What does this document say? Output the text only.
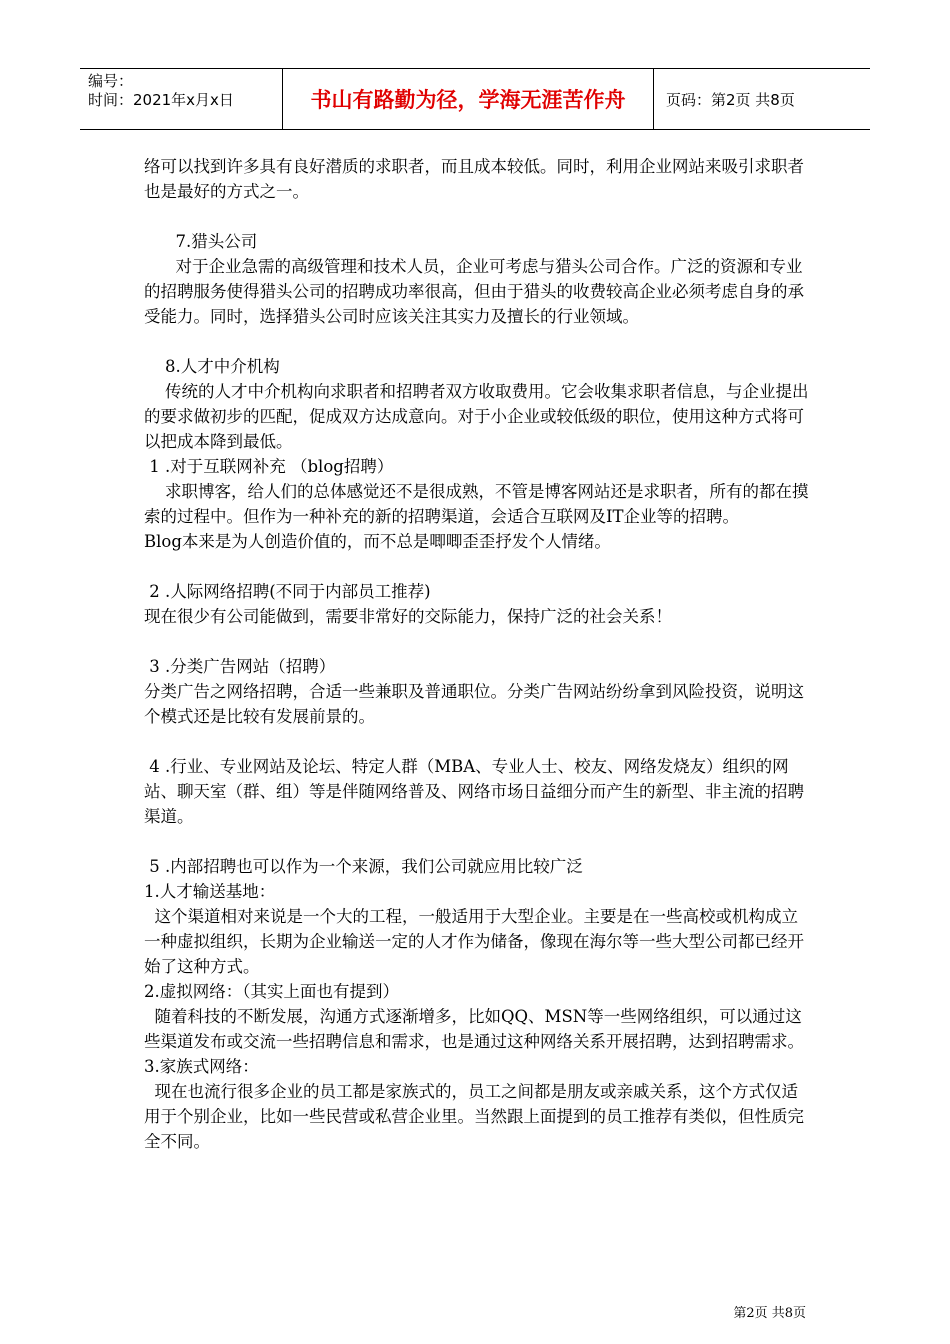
编号：
时间：2021年x月x日	书山有路勤为径，学海无涯苦作舟	页码：第2页 共8页

络可以找到许多具有良好潜质的求职者，而且成本较低。同时，利用企业网站来吸引求职者也是最好的方式之一。

7.猎头公司

对于企业急需的高级管理和技术人员，企业可考虑与猎头公司合作。广泛的资源和专业的招聘服务使得猎头公司的招聘成功率很高，但由于猎头的收费较高企业必须考虑自身的承受能力。同时，选择猎头公司时应该关注其实力及擅长的行业领域。

8.人才中介机构

传统的人才中介机构向求职者和招聘者双方收取费用。它会收集求职者信息，与企业提出的要求做初步的匹配，促成双方达成意向。对于小企业或较低级的职位，使用这种方式将可以把成本降到最低。

1 .对于互联网补充 （blog招聘）

求职博客，给人们的总体感觉还不是很成熟，不管是博客网站还是求职者，所有的都在摸索的过程中。但作为一种补充的新的招聘渠道，会适合互联网及IT企业等的招聘。

Blog本来是为人创造价值的，而不总是唧唧歪歪抒发个人情绪。

2 .人际网络招聘(不同于内部员工推荐)

现在很少有公司能做到，需要非常好的交际能力，保持广泛的社会关系！

3 .分类广告网站（招聘）

分类广告之网络招聘，合适一些兼职及普通职位。分类广告网站纷纷拿到风险投资，说明这个模式还是比较有发展前景的。

4 .行业、专业网站及论坛、特定人群（MBA、专业人士、校友、网络发烧友）组织的网站、聊天室（群、组）等是伴随网络普及、网络市场日益细分而产生的新型、非主流的招聘渠道。

5 .内部招聘也可以作为一个来源，我们公司就应用比较广泛

1.人才输送基地：

这个渠道相对来说是一个大的工程，一般适用于大型企业。主要是在一些高校或机构成立一种虚拟组织，长期为企业输送一定的人才作为储备，像现在海尔等一些大型公司都已经开始了这种方式。

2.虚拟网络：（其实上面也有提到）

随着科技的不断发展，沟通方式逐渐增多，比如QQ、MSN等一些网络组织，可以通过这些渠道发布或交流一些招聘信息和需求，也是通过这种网络关系开展招聘，达到招聘需求。

3.家族式网络：

现在也流行很多企业的员工都是家族式的，员工之间都是朋友或亲戚关系，这个方式仅适用于个别企业，比如一些民营或私营企业里。当然跟上面提到的员工推荐有类似，但性质完全不同。

第2页 共8页
